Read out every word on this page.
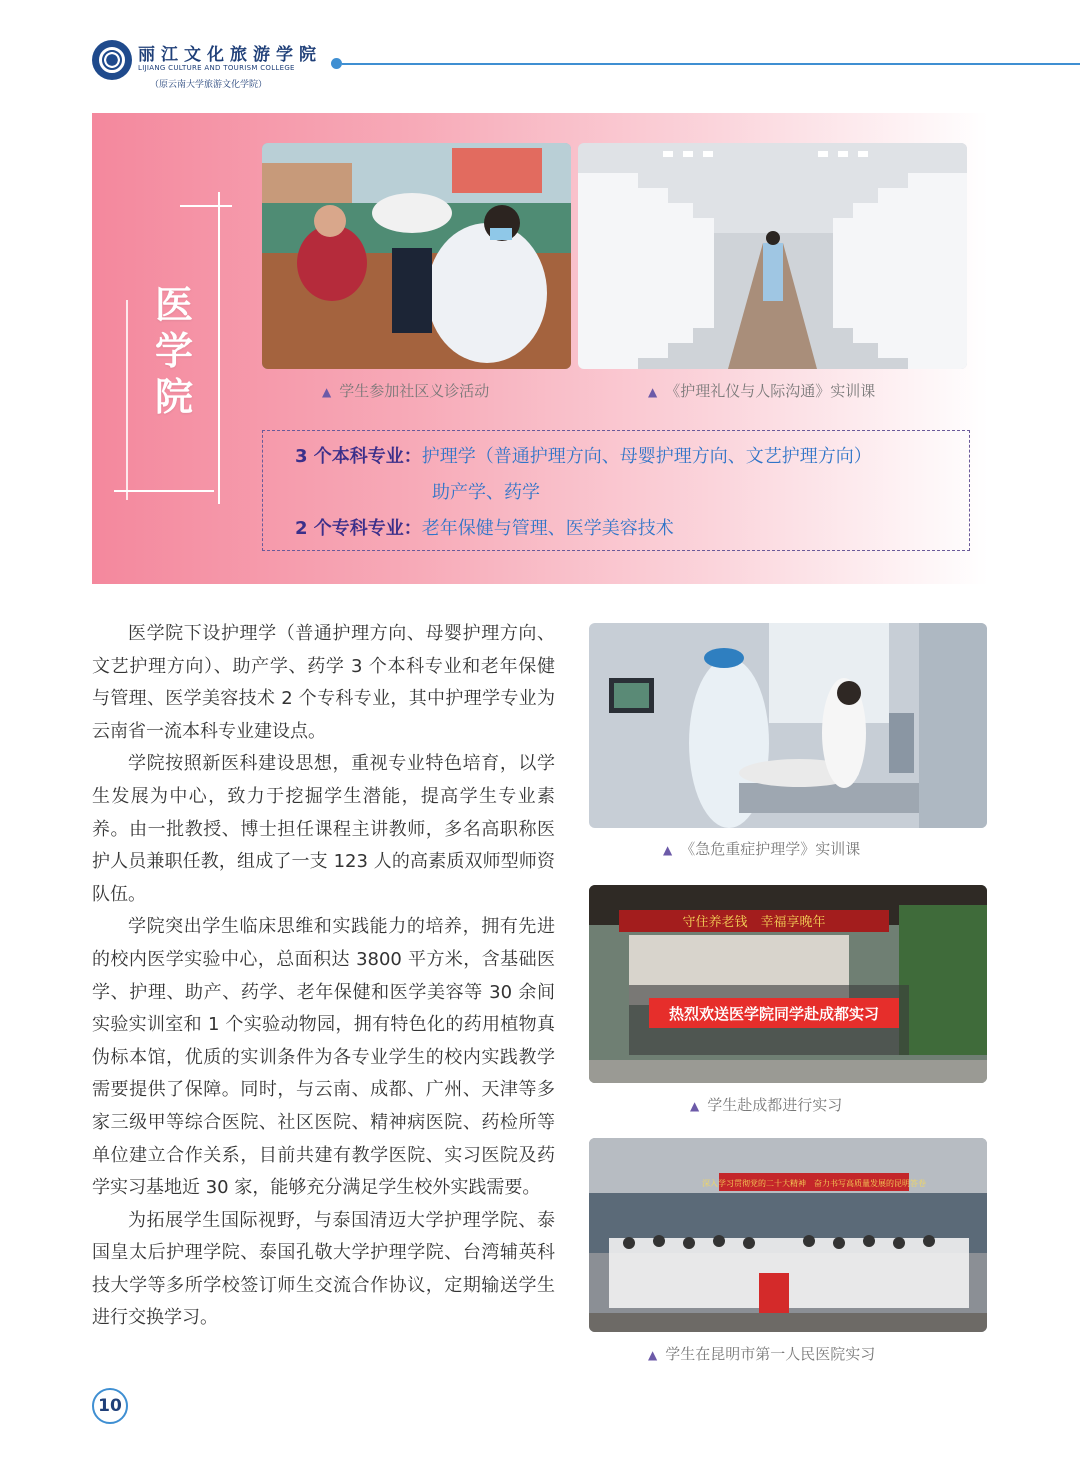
丽江文化旅游学院
LIJIANG CULTURE AND TOURISM COLLEGE
（原云南大学旅游文化学院）
医学院	▲ 学生参加社区义诊活动	▲ 《护理礼仪与人际沟通》实训课
3 个本科专业：护理学（普通护理方向、母婴护理方向、文艺护理方向）
助产学、药学
2 个专科专业：老年保健与管理、医学美容技术

医学院下设护理学（普通护理方向、母婴护理方向、文艺护理方向）、助产学、药学 3 个本科专业和老年保健与管理、医学美容技术 2 个专科专业，其中护理学专业为云南省一流本科专业建设点。

学院按照新医科建设思想，重视专业特色培育，以学生发展为中心，致力于挖掘学生潜能，提高学生专业素养。由一批教授、博士担任课程主讲教师，多名高职称医护人员兼职任教，组成了一支 123 人的高素质双师型师资队伍。

学院突出学生临床思维和实践能力的培养，拥有先进的校内医学实验中心，总面积达 3800 平方米，含基础医学、护理、助产、药学、老年保健和医学美容等 30 余间实验实训室和 1 个实验动物园，拥有特色化的药用植物真伪标本馆，优质的实训条件为各专业学生的校内实践教学需要提供了保障。同时，与云南、成都、广州、天津等多家三级甲等综合医院、社区医院、精神病医院、药检所等单位建立合作关系，目前共建有教学医院、实习医院及药学实习基地近 30 家，能够充分满足学生校外实践需要。

为拓展学生国际视野，与泰国清迈大学护理学院、泰国皇太后护理学院、泰国孔敬大学护理学院、台湾辅英科技大学等多所学校签订师生交流合作协议，定期输送学生进行交换学习。

▲ 《急危重症护理学》实训课
守住养老钱　幸福享晚年
热烈欢送医学院同学赴成都实习
▲ 学生赴成都进行实习
深入学习贯彻党的二十大精神　奋力书写高质量发展的昆明答卷
▲ 学生在昆明市第一人民医院实习
10
